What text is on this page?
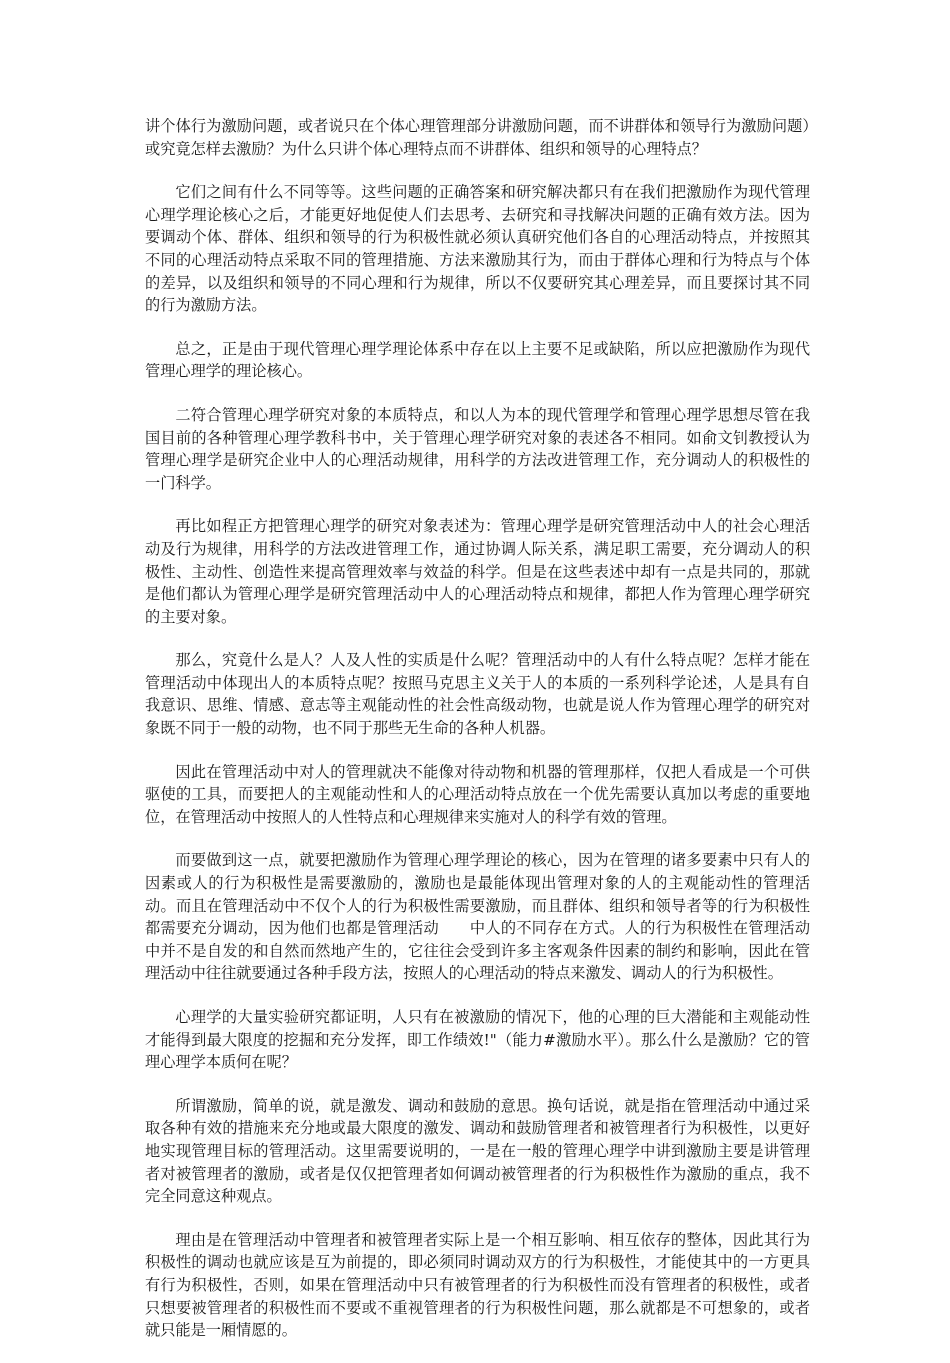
讲个体行为激励问题，或者说只在个体心理管理部分讲激励问题，而不讲群体和领导行为激励问题）或究竟怎样去激励？为什么只讲个体心理特点而不讲群体、组织和领导的心理特点？

它们之间有什么不同等等。这些问题的正确答案和研究解决都只有在我们把激励作为现代管理心理学理论核心之后，才能更好地促使人们去思考、去研究和寻找解决问题的正确有效方法。因为要调动个体、群体、组织和领导的行为积极性就必须认真研究他们各自的心理活动特点，并按照其不同的心理活动特点采取不同的管理措施、方法来激励其行为，而由于群体心理和行为特点与个体的差异，以及组织和领导的不同心理和行为规律，所以不仅要研究其心理差异，而且要探讨其不同的行为激励方法。

总之，正是由于现代管理心理学理论体系中存在以上主要不足或缺陷，所以应把激励作为现代管理心理学的理论核心。

二符合管理心理学研究对象的本质特点，和以人为本的现代管理学和管理心理学思想尽管在我国目前的各种管理心理学教科书中，关于管理心理学研究对象的表述各不相同。如俞文钊教授认为管理心理学是研究企业中人的心理活动规律，用科学的方法改进管理工作，充分调动人的积极性的一门科学。

再比如程正方把管理心理学的研究对象表述为：管理心理学是研究管理活动中人的社会心理活动及行为规律，用科学的方法改进管理工作，通过协调人际关系，满足职工需要，充分调动人的积极性、主动性、创造性来提高管理效率与效益的科学。但是在这些表述中却有一点是共同的，那就是他们都认为管理心理学是研究管理活动中人的心理活动特点和规律，都把人作为管理心理学研究的主要对象。

那么，究竟什么是人？人及人性的实质是什么呢？管理活动中的人有什么特点呢？怎样才能在管理活动中体现出人的本质特点呢？按照马克思主义关于人的本质的一系列科学论述，人是具有自我意识、思维、情感、意志等主观能动性的社会性高级动物，也就是说人作为管理心理学的研究对象既不同于一般的动物，也不同于那些无生命的各种人机器。

因此在管理活动中对人的管理就决不能像对待动物和机器的管理那样，仅把人看成是一个可供驱使的工具，而要把人的主观能动性和人的心理活动特点放在一个优先需要认真加以考虑的重要地位，在管理活动中按照人的人性特点和心理规律来实施对人的科学有效的管理。

而要做到这一点，就要把激励作为管理心理学理论的核心，因为在管理的诸多要素中只有人的因素或人的行为积极性是需要激励的，激励也是最能体现出管理对象的人的主观能动性的管理活动。而且在管理活动中不仅个人的行为积极性需要激励，而且群体、组织和领导者等的行为积极性都需要充分调动，因为他们也都是管理活动　　中人的不同存在方式。人的行为积极性在管理活动中并不是自发的和自然而然地产生的，它往往会受到许多主客观条件因素的制约和影响，因此在管理活动中往往就要通过各种手段方法，按照人的心理活动的特点来激发、调动人的行为积极性。

心理学的大量实验研究都证明，人只有在被激励的情况下，他的心理的巨大潜能和主观能动性才能得到最大限度的挖掘和充分发挥，即工作绩效!"（能力#激励水平）。那么什么是激励？它的管理心理学本质何在呢？

所谓激励，简单的说，就是激发、调动和鼓励的意思。换句话说，就是指在管理活动中通过采取各种有效的措施来充分地或最大限度的激发、调动和鼓励管理者和被管理者行为积极性，以更好地实现管理目标的管理活动。这里需要说明的，一是在一般的管理心理学中讲到激励主要是讲管理者对被管理者的激励，或者是仅仅把管理者如何调动被管理者的行为积极性作为激励的重点，我不完全同意这种观点。

理由是在管理活动中管理者和被管理者实际上是一个相互影响、相互依存的整体，因此其行为积极性的调动也就应该是互为前提的，即必须同时调动双方的行为积极性，才能使其中的一方更具有行为积极性，否则，如果在管理活动中只有被管理者的行为积极性而没有管理者的积极性，或者只想要被管理者的积极性而不要或不重视管理者的行为积极性问题，那么就都是不可想象的，或者就只能是一厢情愿的。
